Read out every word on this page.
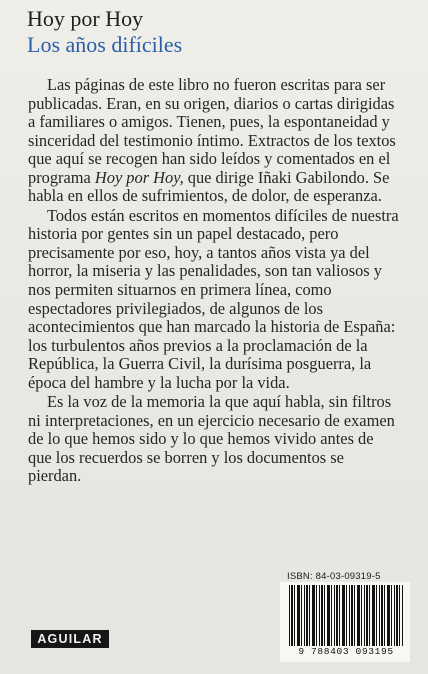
Hoy por Hoy
Los años difíciles

Las páginas de este libro no fueron escritas para ser publicadas. Eran, en su origen, diarios o cartas dirigidas a familiares o amigos. Tienen, pues, la espontaneidad y sinceridad del testimonio íntimo. Extractos de los textos que aquí se recogen han sido leídos y comentados en el programa Hoy por Hoy, que dirige Iñaki Gabilondo. Se habla en ellos de sufrimientos, de dolor, de esperanza.

Todos están escritos en momentos difíciles de nuestra historia por gentes sin un papel destacado, pero precisamente por eso, hoy, a tantos años vista ya del horror, la miseria y las penalidades, son tan valiosos y nos permiten situarnos en primera línea, como espectadores privilegiados, de algunos de los acontecimientos que han marcado la historia de España: los turbulentos años previos a la proclamación de la República, la Guerra Civil, la durísima posguerra, la época del hambre y la lucha por la vida.

Es la voz de la memoria la que aquí habla, sin filtros ni interpretaciones, en un ejercicio necesario de examen de lo que hemos sido y lo que hemos vivido antes de que los recuerdos se borren y los documentos se pierdan.

ISBN: 84-03-09319-5
9 788403 093195
AGUILAR
